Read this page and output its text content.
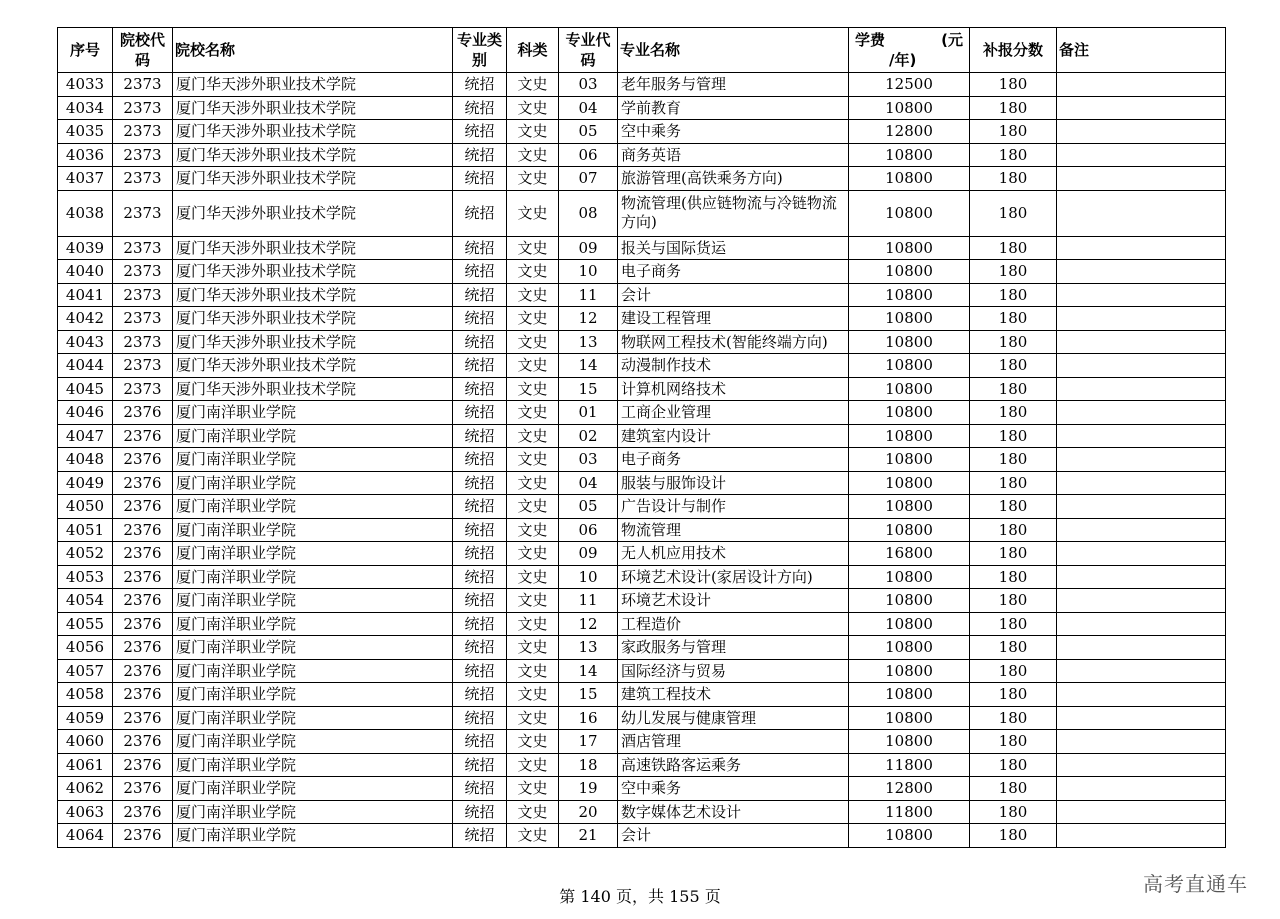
序号	院校代码	院校名称	专业类别	科类	专业代码	专业名称	学费 (元
/年)	补报分数	备注
4033	2373	厦门华天涉外职业技术学院	统招	文史	03	老年服务与管理	12500	180	
4034	2373	厦门华天涉外职业技术学院	统招	文史	04	学前教育	10800	180	
4035	2373	厦门华天涉外职业技术学院	统招	文史	05	空中乘务	12800	180	
4036	2373	厦门华天涉外职业技术学院	统招	文史	06	商务英语	10800	180	
4037	2373	厦门华天涉外职业技术学院	统招	文史	07	旅游管理(高铁乘务方向)	10800	180	
4038	2373	厦门华天涉外职业技术学院	统招	文史	08	物流管理(供应链物流与冷链物流方向)	10800	180	
4039	2373	厦门华天涉外职业技术学院	统招	文史	09	报关与国际货运	10800	180	
4040	2373	厦门华天涉外职业技术学院	统招	文史	10	电子商务	10800	180	
4041	2373	厦门华天涉外职业技术学院	统招	文史	11	会计	10800	180	
4042	2373	厦门华天涉外职业技术学院	统招	文史	12	建设工程管理	10800	180	
4043	2373	厦门华天涉外职业技术学院	统招	文史	13	物联网工程技术(智能终端方向)	10800	180	
4044	2373	厦门华天涉外职业技术学院	统招	文史	14	动漫制作技术	10800	180	
4045	2373	厦门华天涉外职业技术学院	统招	文史	15	计算机网络技术	10800	180	
4046	2376	厦门南洋职业学院	统招	文史	01	工商企业管理	10800	180	
4047	2376	厦门南洋职业学院	统招	文史	02	建筑室内设计	10800	180	
4048	2376	厦门南洋职业学院	统招	文史	03	电子商务	10800	180	
4049	2376	厦门南洋职业学院	统招	文史	04	服装与服饰设计	10800	180	
4050	2376	厦门南洋职业学院	统招	文史	05	广告设计与制作	10800	180	
4051	2376	厦门南洋职业学院	统招	文史	06	物流管理	10800	180	
4052	2376	厦门南洋职业学院	统招	文史	09	无人机应用技术	16800	180	
4053	2376	厦门南洋职业学院	统招	文史	10	环境艺术设计(家居设计方向)	10800	180	
4054	2376	厦门南洋职业学院	统招	文史	11	环境艺术设计	10800	180	
4055	2376	厦门南洋职业学院	统招	文史	12	工程造价	10800	180	
4056	2376	厦门南洋职业学院	统招	文史	13	家政服务与管理	10800	180	
4057	2376	厦门南洋职业学院	统招	文史	14	国际经济与贸易	10800	180	
4058	2376	厦门南洋职业学院	统招	文史	15	建筑工程技术	10800	180	
4059	2376	厦门南洋职业学院	统招	文史	16	幼儿发展与健康管理	10800	180	
4060	2376	厦门南洋职业学院	统招	文史	17	酒店管理	10800	180	
4061	2376	厦门南洋职业学院	统招	文史	18	高速铁路客运乘务	11800	180	
4062	2376	厦门南洋职业学院	统招	文史	19	空中乘务	12800	180	
4063	2376	厦门南洋职业学院	统招	文史	20	数字媒体艺术设计	11800	180	
4064	2376	厦门南洋职业学院	统招	文史	21	会计	10800	180	
第 140 页，共 155 页
高考直通车
